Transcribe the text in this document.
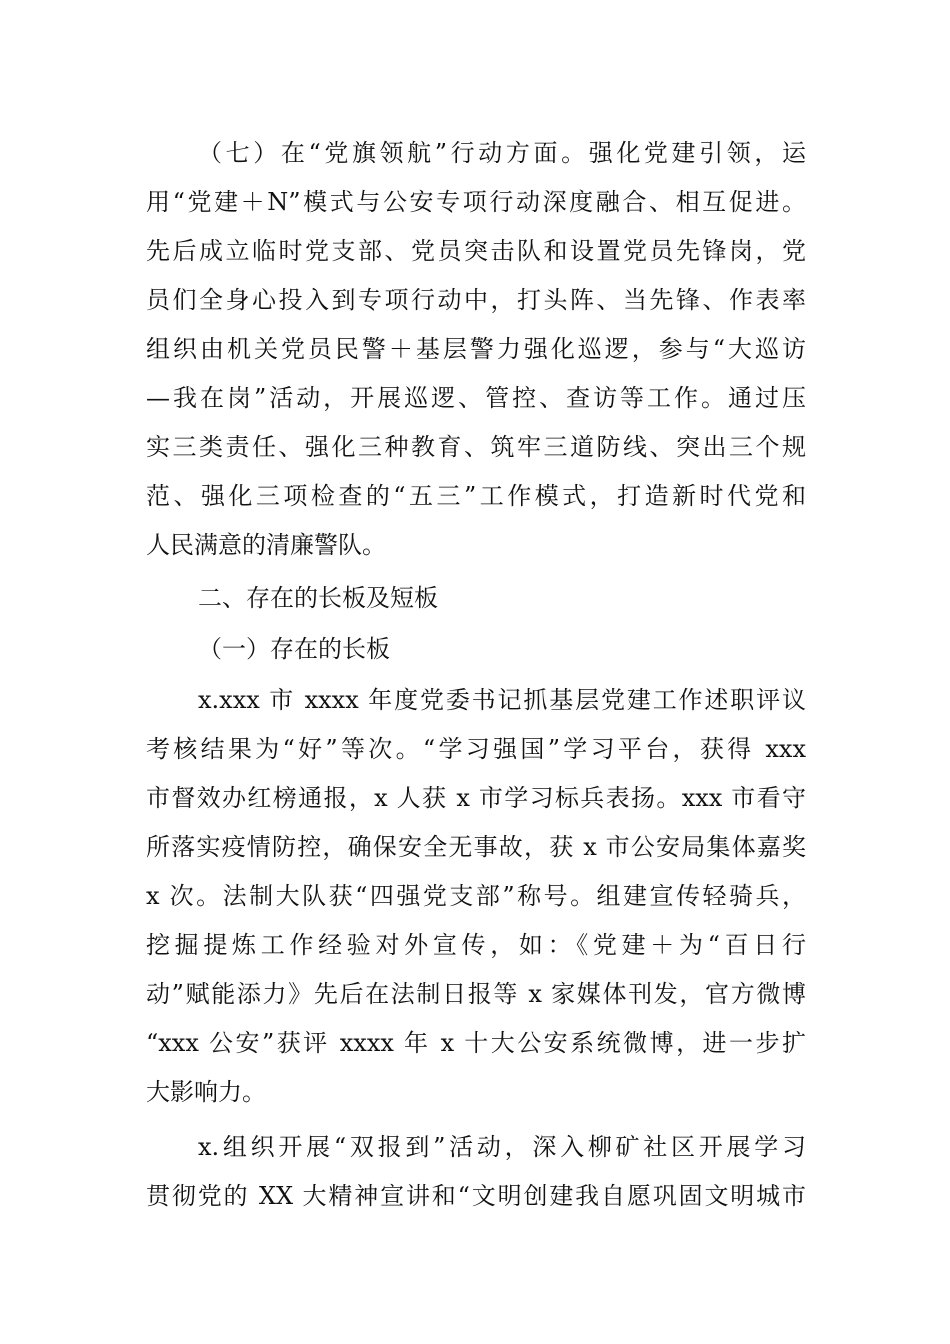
（七）在“党旗领航”行动方面。强化党建引领，运
用“党建＋N”模式与公安专项行动深度融合、相互促进。
先后成立临时党支部、党员突击队和设置党员先锋岗，党
员们全身心投入到专项行动中，打头阵、当先锋、作表率
组织由机关党员民警＋基层警力强化巡逻，参与“大巡访
—我在岗”活动，开展巡逻、管控、查访等工作。通过压
实三类责任、强化三种教育、筑牢三道防线、突出三个规
范、强化三项检查的“五三”工作模式，打造新时代党和
人民满意的清廉警队。
二、存在的长板及短板
（一）存在的长板
x.xxx 市 xxxx 年度党委书记抓基层党建工作述职评议
考核结果为“好”等次。“学习强国”学习平台，获得 xxx
市督效办红榜通报，x 人获 x 市学习标兵表扬。xxx 市看守
所落实疫情防控，确保安全无事故，获 x 市公安局集体嘉奖
x 次。法制大队获“四强党支部”称号。组建宣传轻骑兵，
挖掘提炼工作经验对外宣传，如：《党建＋为“百日行
动”赋能添力》先后在法制日报等 x 家媒体刊发，官方微博
“xxx 公安”获评 xxxx 年 x 十大公安系统微博，进一步扩
大影响力。
x.组织开展“双报到”活动，深入柳矿社区开展学习
贯彻党的 XX 大精神宣讲和“文明创建我自愿巩固文明城市
